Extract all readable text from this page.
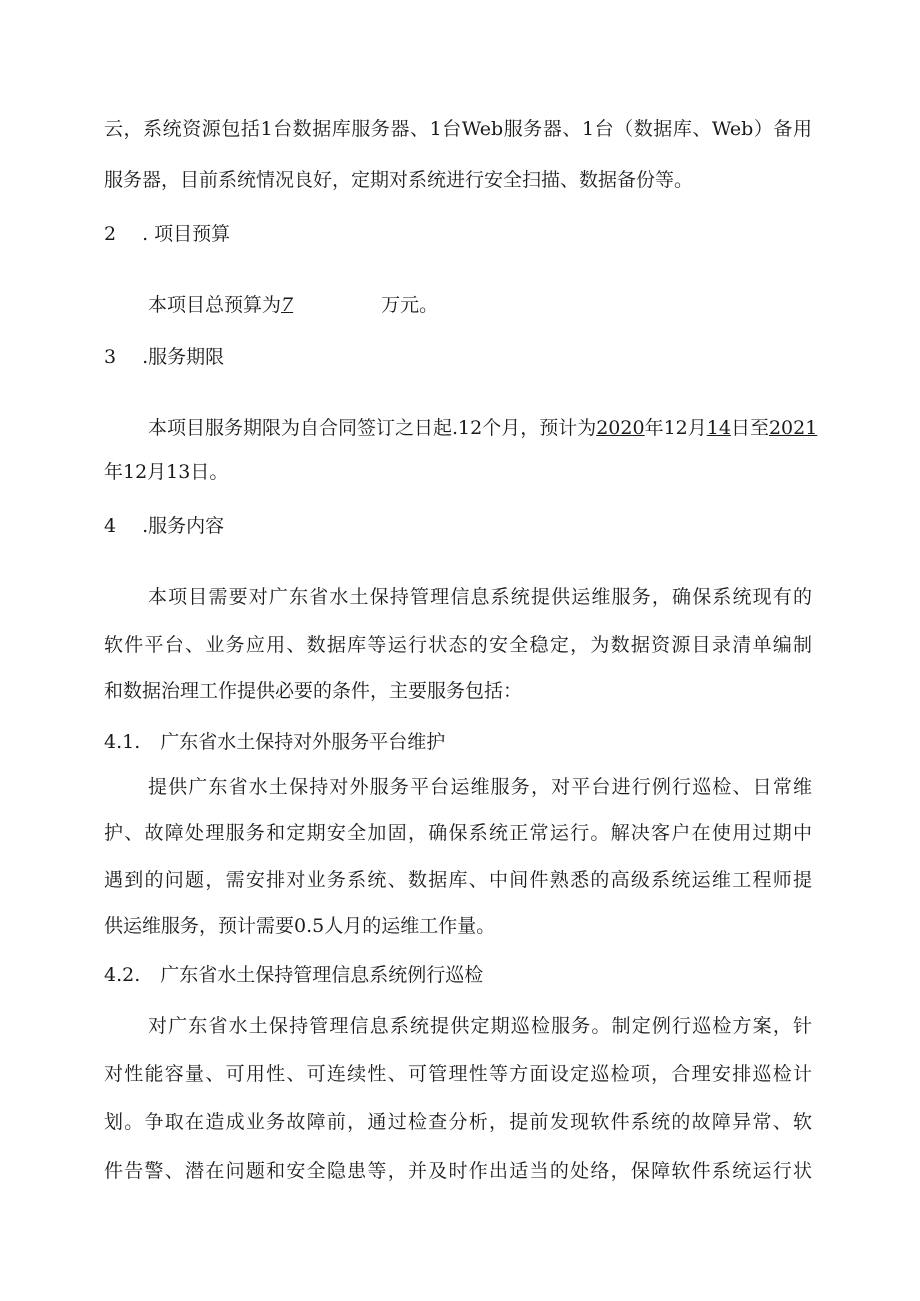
云，系统资源包括1台数据库服务器、1台Web服务器、1台（数据库、Web）备用
服务器，目前系统情况良好，定期对系统进行安全扫描、数据备份等。
2 . 项目预算
本项目总预算为7	万元。
3 .服务期限
本项目服务期限为自合同签订之日起.12个月，预计为2020年12月14日至2021
年12月13日。
4 .服务内容
本项目需要对广东省水土保持管理信息系统提供运维服务，确保系统现有的
软件平台、业务应用、数据库等运行状态的安全稳定，为数据资源目录清单编制
和数据治理工作提供必要的条件，主要服务包括：
4.1. 广东省水土保持对外服务平台维护
提供广东省水土保持对外服务平台运维服务，对平台进行例行巡检、日常维
护、故障处理服务和定期安全加固，确保系统正常运行。解决客户在使用过期中
遇到的问题，需安排对业务系统、数据库、中间件熟悉的高级系统运维工程师提
供运维服务，预计需要0.5人月的运维工作量。
4.2. 广东省水土保持管理信息系统例行巡检
对广东省水土保持管理信息系统提供定期巡检服务。制定例行巡检方案，针
对性能容量、可用性、可连续性、可管理性等方面设定巡检项，合理安排巡检计
划。争取在造成业务故障前，通过检查分析，提前发现软件系统的故障异常、软
件告警、潜在问题和安全隐患等，并及时作出适当的处络，保障软件系统运行状
